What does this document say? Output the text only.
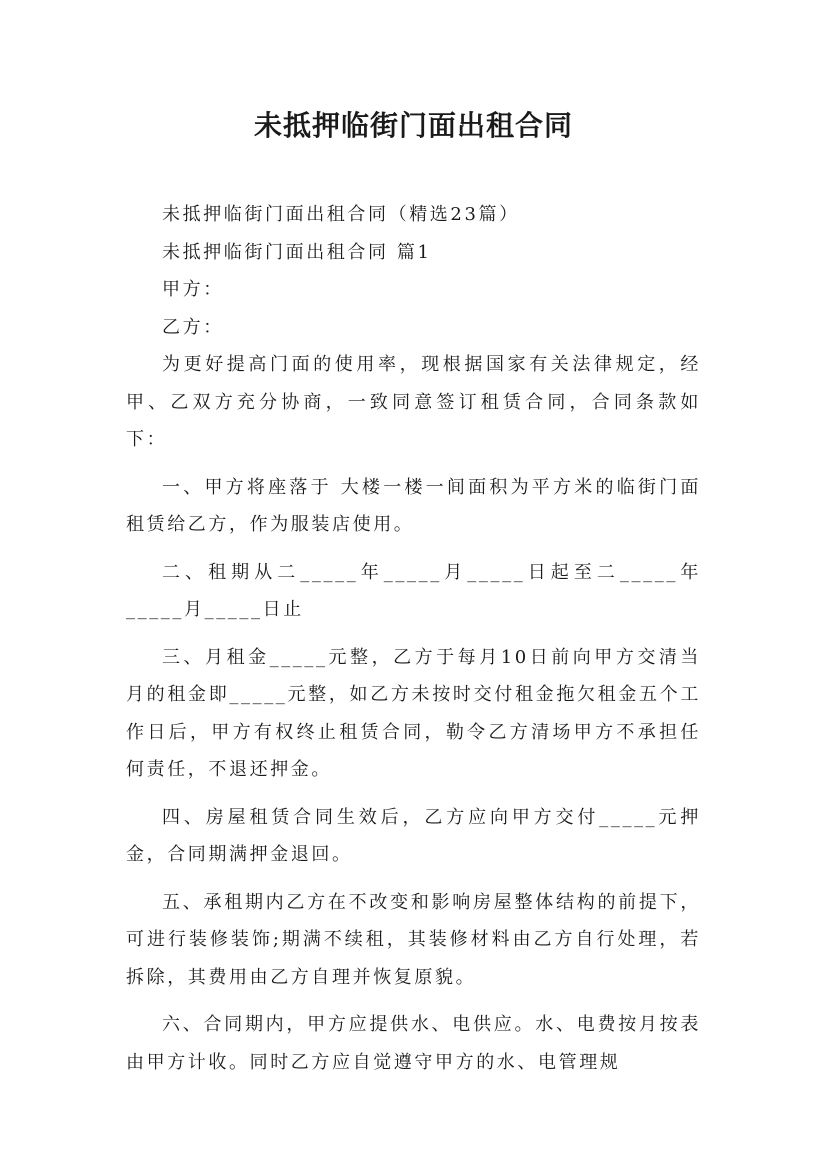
未抵押临街门面出租合同

未抵押临街门面出租合同（精选23篇）

未抵押临街门面出租合同 篇1

甲方：

乙方：

为更好提高门面的使用率，现根据国家有关法律规定，经甲、乙双方充分协商，一致同意签订租赁合同，合同条款如下：

一、甲方将座落于 大楼一楼一间面积为平方米的临街门面租赁给乙方，作为服装店使用。

二、租期从二_____年_____月_____日起至二_____年_____月_____日止

三、月租金_____元整，乙方于每月10日前向甲方交清当月的租金即_____元整，如乙方未按时交付租金拖欠租金五个工作日后，甲方有权终止租赁合同，勒令乙方清场甲方不承担任何责任，不退还押金。

四、房屋租赁合同生效后，乙方应向甲方交付_____元押金，合同期满押金退回。

五、承租期内乙方在不改变和影响房屋整体结构的前提下，可进行装修装饰;期满不续租，其装修材料由乙方自行处理，若拆除，其费用由乙方自理并恢复原貌。

六、合同期内，甲方应提供水、电供应。水、电费按月按表由甲方计收。同时乙方应自觉遵守甲方的水、电管理规
